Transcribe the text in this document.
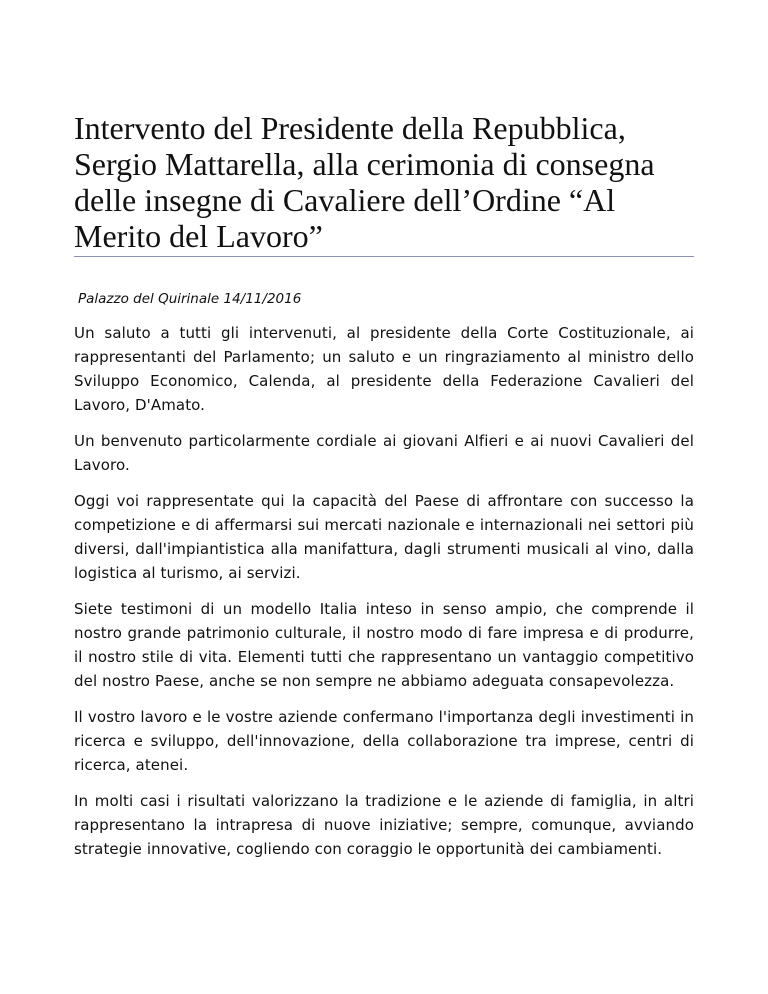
Intervento del Presidente della Repubblica, Sergio Mattarella, alla cerimonia di consegna delle insegne di Cavaliere dell’Ordine “Al Merito del Lavoro”

Palazzo del Quirinale 14/11/2016

Un saluto a tutti gli intervenuti, al presidente della Corte Costituzionale, ai rappresentanti del Parlamento; un saluto e un ringraziamento al ministro dello Sviluppo Economico, Calenda, al presidente della Federazione Cavalieri del Lavoro, D'Amato.

Un benvenuto particolarmente cordiale ai giovani Alfieri e ai nuovi Cavalieri del Lavoro.

Oggi voi rappresentate qui la capacità del Paese di affrontare con successo la competizione e di affermarsi sui mercati nazionale e internazionali nei settori più diversi, dall'impiantistica alla manifattura, dagli strumenti musicali al vino, dalla logistica al turismo, ai servizi.

Siete testimoni di un modello Italia inteso in senso ampio, che comprende il nostro grande patrimonio culturale, il nostro modo di fare impresa e di produrre, il nostro stile di vita. Elementi tutti che rappresentano un vantaggio competitivo del nostro Paese, anche se non sempre ne abbiamo adeguata consapevolezza.

Il vostro lavoro e le vostre aziende confermano l'importanza degli investimenti in ricerca e sviluppo, dell'innovazione, della collaborazione tra imprese, centri di ricerca, atenei.

In molti casi i risultati valorizzano la tradizione e le aziende di famiglia, in altri rappresentano la intrapresa di nuove iniziative; sempre, comunque, avviando strategie innovative, cogliendo con coraggio le opportunità dei cambiamenti.
